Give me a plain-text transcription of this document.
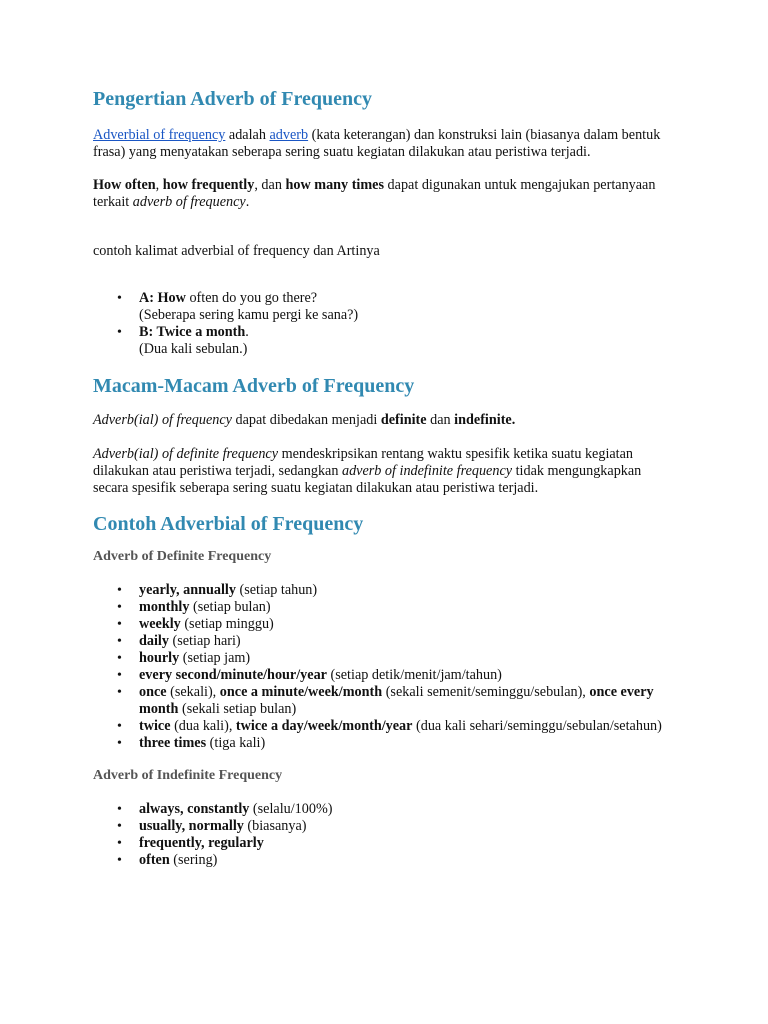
Pengertian Adverb of Frequency

Adverbial of frequency adalah adverb (kata keterangan) dan konstruksi lain (biasanya dalam bentuk frasa) yang menyatakan seberapa sering suatu kegiatan dilakukan atau peristiwa terjadi.

How often, how frequently, dan how many times dapat digunakan untuk mengajukan pertanyaan terkait adverb of frequency.

contoh kalimat adverbial of frequency dan Artinya

• A: How often do you go there?
(Seberapa sering kamu pergi ke sana?)
• B: Twice a month.
(Dua kali sebulan.)
Macam-Macam Adverb of Frequency

Adverb(ial) of frequency dapat dibedakan menjadi definite dan indefinite.

Adverb(ial) of definite frequency mendeskripsikan rentang waktu spesifik ketika suatu kegiatan dilakukan atau peristiwa terjadi, sedangkan adverb of indefinite frequency tidak mengungkapkan secara spesifik seberapa sering suatu kegiatan dilakukan atau peristiwa terjadi.

Contoh Adverbial of Frequency
Adverb of Definite Frequency
• yearly, annually (setiap tahun)
• monthly (setiap bulan)
• weekly (setiap minggu)
• daily (setiap hari)
• hourly (setiap jam)
• every second/minute/hour/year (setiap detik/menit/jam/tahun)
• once (sekali), once a minute/week/month (sekali semenit/seminggu/sebulan), once every month (sekali setiap bulan)
• twice (dua kali), twice a day/week/month/year (dua kali sehari/seminggu/sebulan/setahun)
• three times (tiga kali)
Adverb of Indefinite Frequency
• always, constantly (selalu/100%)
• usually, normally (biasanya)
• frequently, regularly
• often (sering)
